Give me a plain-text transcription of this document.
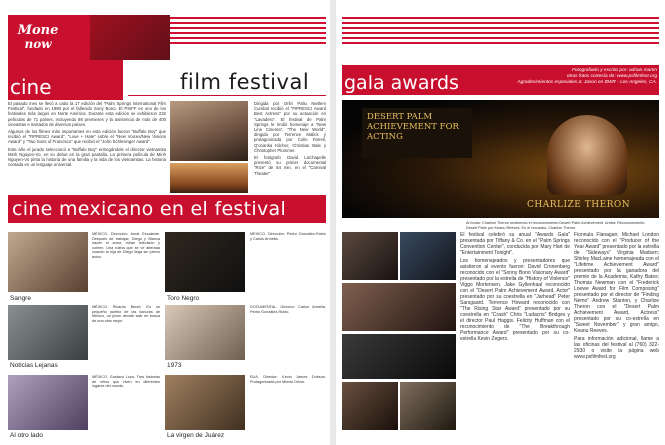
Mone
now
cine	film festival

El pasado mes se llevó a cabo la 17 edición del "Palm Springs International Film Festival", fundado en 1990 por el fallecido Sony Bono. El PSIFF es uno de los festivales más largos en Norte América. Durante esta edición se exhibieron 232 películas de 71 países, incluyendo 86 premieres y la asistencia de más de 400 cineastas e invitados de diversos países.

Algunos de los filmes más importantes en esta edición fueron "Buffalo Boy" que recibió el "FIPRESCI Award", "Love + Hate" sobre el "New Voices/New Visions Award" y "Two Sons of Francisco" que recibió el "John Schlesinger Award".

Este año el jurado seleccionó a "Buffalo Boy" entregándole el director vietnamita Minh Nguyen-Vo, en su debut en la gran pantalla. La primera película de Minh Nguyen-Vo pinta la historia de una familia y la vida de los vietnamitas. La historia contada en un lenguaje universal.

Dirigida por Orlin Paliu Nietlem Cumbal recibió el "FIPRESCI Award Best Actress" por su actuación en "Lavadero". El festival de Palm Springs le rindió homenaje a "New Line Cinema", "The New World", dirigida por Terrence Malick y protagonizada por Colin Farrell, Q'orianka Kilcher, Christian Bale y Christopher Plummer.

El fotógrafo David LaChapelle presentó su primer documental "Rize" de 84 min. en el "Carnival Theater".

cine mexicano en el festival
Sangre
MÉXICO. Dirección: Amat Escalante. Después de trabajar, Diego y Blanca hacen el amor, miran televisión y comen. Una rutina que se ve alterada cuando la hija de Diego llega sin previo aviso.
Toro Negro
MÉXICO. Dirección: Pedro González-Rubio y Carlos Armella.
Noticias Lejanas
MÉXICO. Ricardo Benet. En un pequeño pueblo de las llanuras de México, un joven decide salir en busca de una vida mejor.
1973
DOCUMENTAL. Director: Carlos Armella, Pedro González-Rubio.
Al otro lado
MÉXICO. Gustavo Loza. Tres historias de niños que viven en diferentes lugares del mundo.
La virgen de Juárez
EUA. Director: Kevin James Dobson. Protagonizada por Minnie Driver.
gala awards
Fotografiado y escrito por: adrian martin
otras fotos cortesía de: www.psfilmfest.org
Agradecimientos especiales a: Jason en BWR - Los Angeles, CA.
DESERT PALM
ACHIEVEMENT FOR
ACTING
CHARLIZE THERON
Al fondo: Charlize Theron recibiendo el reconocimiento Desert Palm Achievement. Arriba: Reconocimiento Desert Palm por Keanu Reeves. En el recuadro, Charlize Theron.

El festival celebró su anual "Awards Gala" presentada por Tiffany & Co. en el "Palm Springs Convention Center", conducida por Mary Hart de "Entertainment Tonight".

Los homenajeados y presentadores que asistieron al evento fueron: David Cronenberg reconocido con el "Sonny Bono Visionary Award" presentado por la estrella de "History of Violence" Viggo Mortensen. Jake Gyllenhaal reconocido con el "Desert Palm Achievement Award, Actor" presentado por su coestrella en "Jarhead" Peter Sarsgaard. Terrence Howard reconocido con "The Rising Star Award" presentado por su coestrella en "Crash" Chris "Ludacris" Bridges y el director Paul Haggis. Felicity Huffman con el reconocimiento de "The Breakthrough Performance Award" presentado por su co-estrella Kevin Zegers.

Fionnula Flanagan; Michael London reconocido con el "Producer of the Year Award" presentado por la estrella de "Sideways" Virginia Madsen; Shirley MacLaine homenajeada con el "Lifetime Achievement Award" presentado por la ganadora del premio de la Academia, Kathy Bates; Thomas Newman con el "Frederick Loewe Award for Film Composing" presentado por el director de "Finding Nemo" Andrew Stanton, y Charlize Theron con el "Desert Palm Achievement Award, Actress" presentado por su co-estrella en "Sweet November" y gran amigo, Keanu Reeves.

Para información adicional, llame a las oficinas del festival al (760) 322-2930 o visite la página web www.psfilmfest.org
